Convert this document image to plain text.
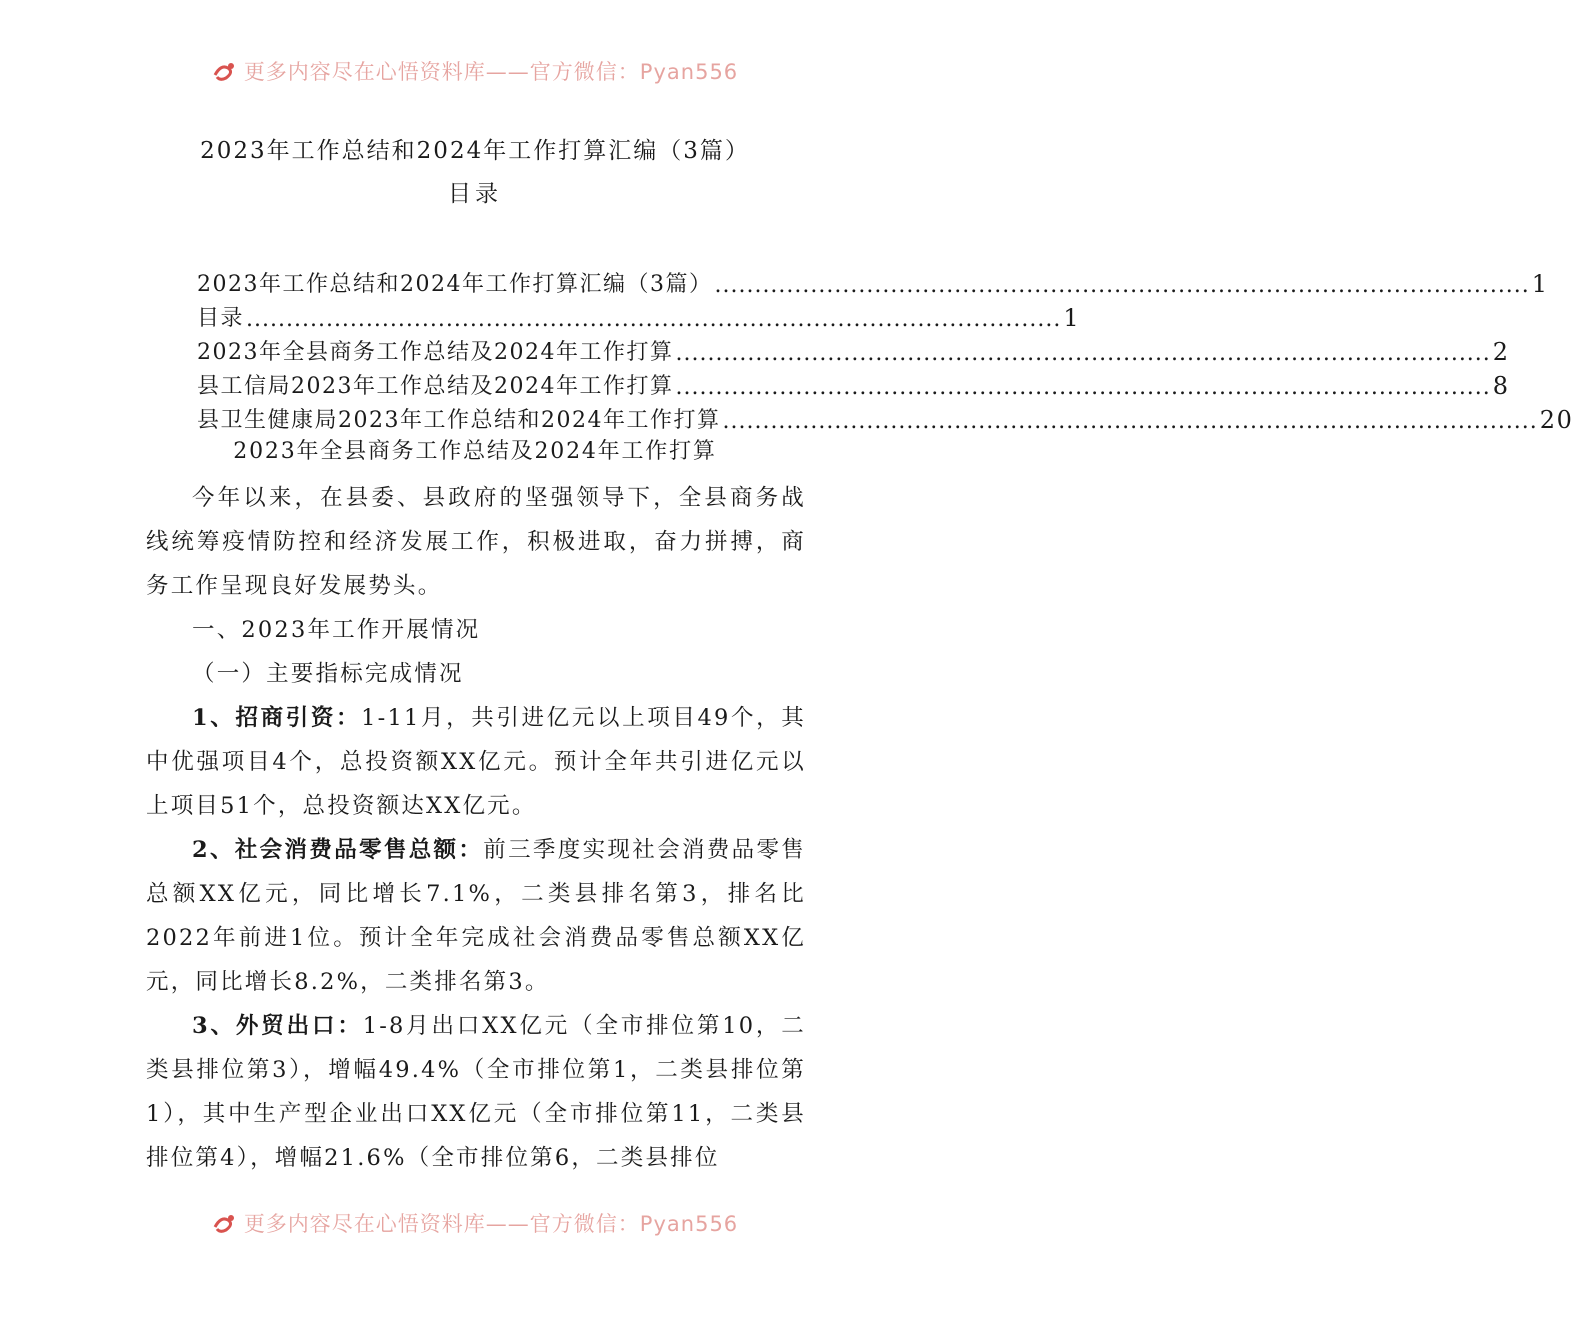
更多内容尽在心悟资料库——官方微信：Pyan556
2023年工作总结和2024年工作打算汇编（3篇）
目录
2023年工作总结和2024年工作打算汇编（3篇） ...................................................................................................... 1
目录 ...................................................................................................... 1
2023年全县商务工作总结及2024年工作打算 ...................................................................................................... 2
县工信局2023年工作总结及2024年工作打算 ...................................................................................................... 8
县卫生健康局2023年工作总结和2024年工作打算 ...................................................................................................... 20
2023年全县商务工作总结及2024年工作打算

今年以来，在县委、县政府的坚强领导下，全县商务战线统筹疫情防控和经济发展工作，积极进取，奋力拼搏，商务工作呈现良好发展势头。

一、2023年工作开展情况

（一）主要指标完成情况

1、招商引资：1-11月，共引进亿元以上项目49个，其中优强项目4个，总投资额XX亿元。预计全年共引进亿元以上项目51个，总投资额达XX亿元。

2、社会消费品零售总额：前三季度实现社会消费品零售总额XX亿元，同比增长7.1%，二类县排名第3，排名比2022年前进1位。预计全年完成社会消费品零售总额XX亿元，同比增长8.2%，二类排名第3。

3、外贸出口：1-8月出口XX亿元（全市排位第10，二类县排位第3），增幅49.4%（全市排位第1，二类县排位第1），其中生产型企业出口XX亿元（全市排位第11，二类县排位第4），增幅21.6%（全市排位第6，二类县排位

更多内容尽在心悟资料库——官方微信：Pyan556
